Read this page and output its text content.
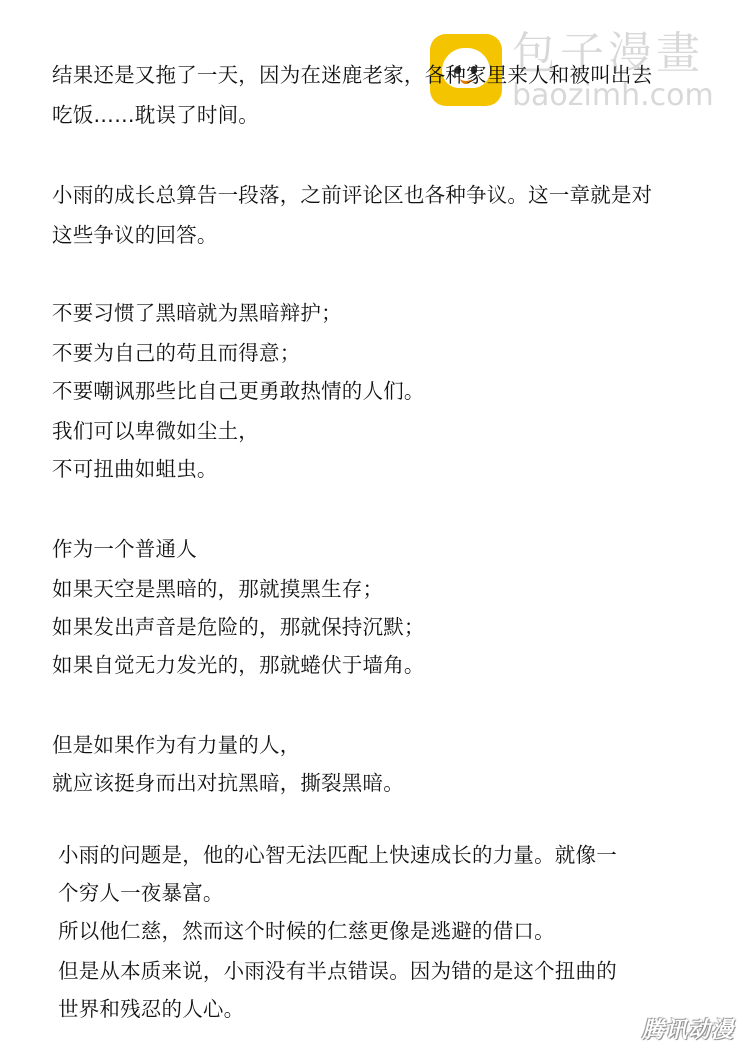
包子漫畫
baozimh.com
结果还是又拖了一天，因为在迷鹿老家，各种家里来人和被叫出去
吃饭……耽误了时间。
小雨的成长总算告一段落，之前评论区也各种争议。这一章就是对
这些争议的回答。
不要习惯了黑暗就为黑暗辩护；
不要为自己的苟且而得意；
不要嘲讽那些比自己更勇敢热情的人们。
我们可以卑微如尘土，
不可扭曲如蛆虫。
作为一个普通人
如果天空是黑暗的，那就摸黑生存；
如果发出声音是危险的，那就保持沉默；
如果自觉无力发光的，那就蜷伏于墙角。
但是如果作为有力量的人，
就应该挺身而出对抗黑暗，撕裂黑暗。
小雨的问题是，他的心智无法匹配上快速成长的力量。就像一
个穷人一夜暴富。
所以他仁慈，然而这个时候的仁慈更像是逃避的借口。
但是从本质来说，小雨没有半点错误。因为错的是这个扭曲的
世界和残忍的人心。
腾讯动漫
